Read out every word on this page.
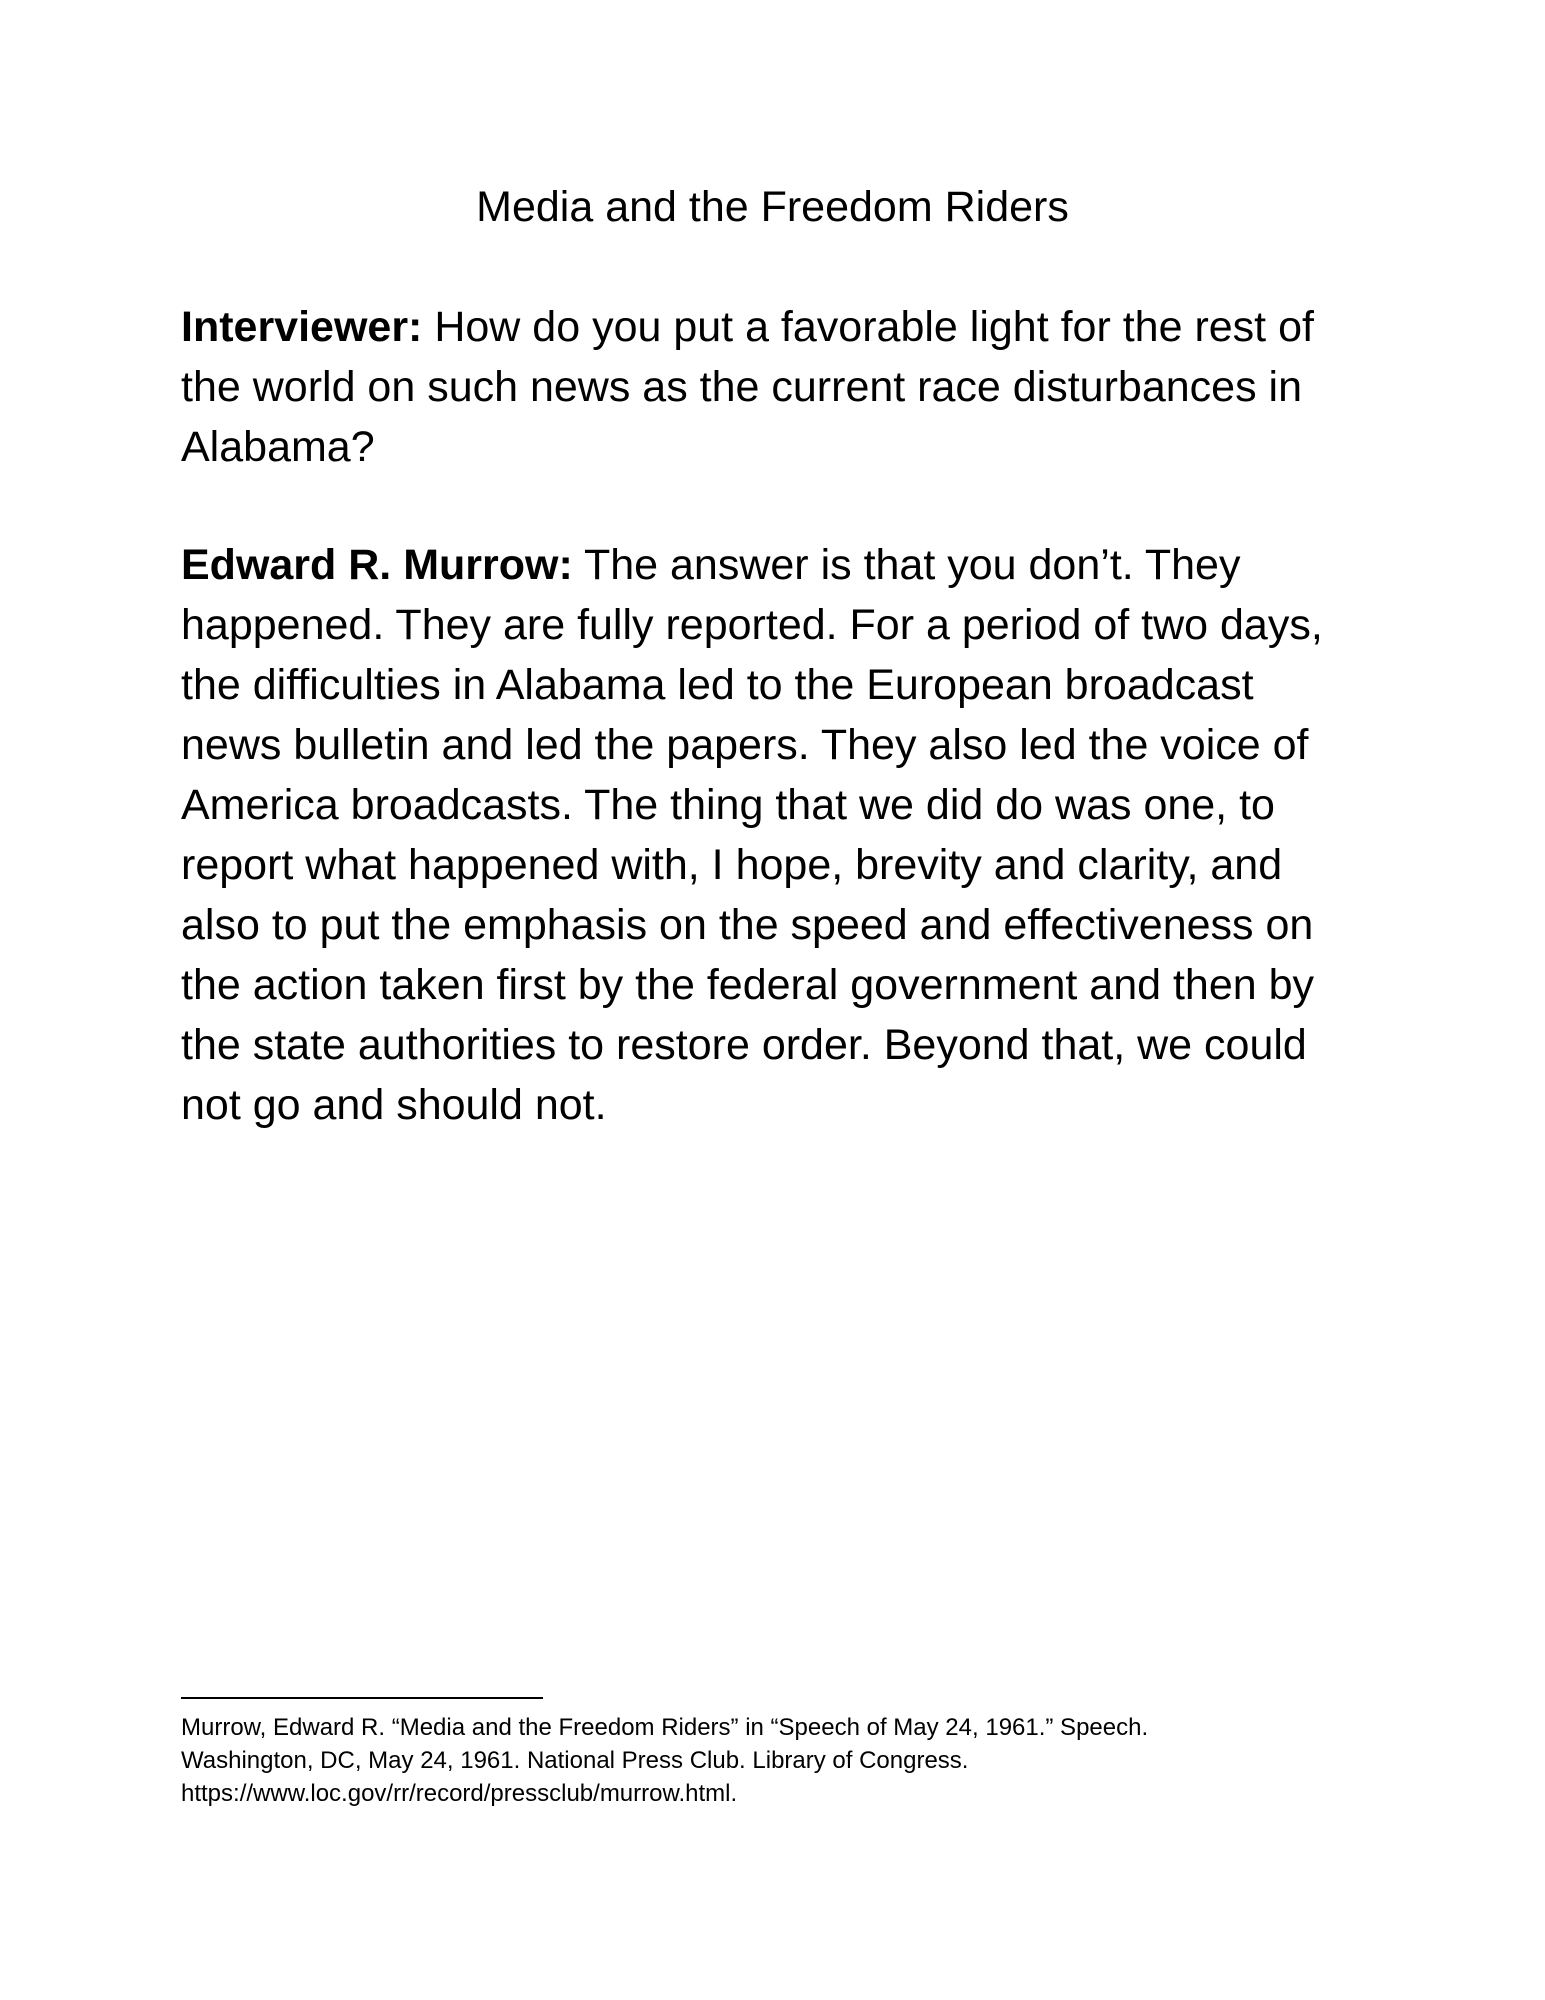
Media and the Freedom Riders

Interviewer: How do you put a favorable light for the rest of the world on such news as the current race disturbances in Alabama?

Edward R. Murrow: The answer is that you don’t. They happened. They are fully reported. For a period of two days, the difficulties in Alabama led to the European broadcast news bulletin and led the papers. They also led the voice of America broadcasts. The thing that we did do was one, to report what happened with, I hope, brevity and clarity, and also to put the emphasis on the speed and effectiveness on the action taken first by the federal government and then by the state authorities to restore order. Beyond that, we could not go and should not.

Murrow, Edward R. “Media and the Freedom Riders” in “Speech of May 24, 1961.” Speech.
Washington, DC, May 24, 1961. National Press Club. Library of Congress.
https://www.loc.gov/rr/record/pressclub/murrow.html.
